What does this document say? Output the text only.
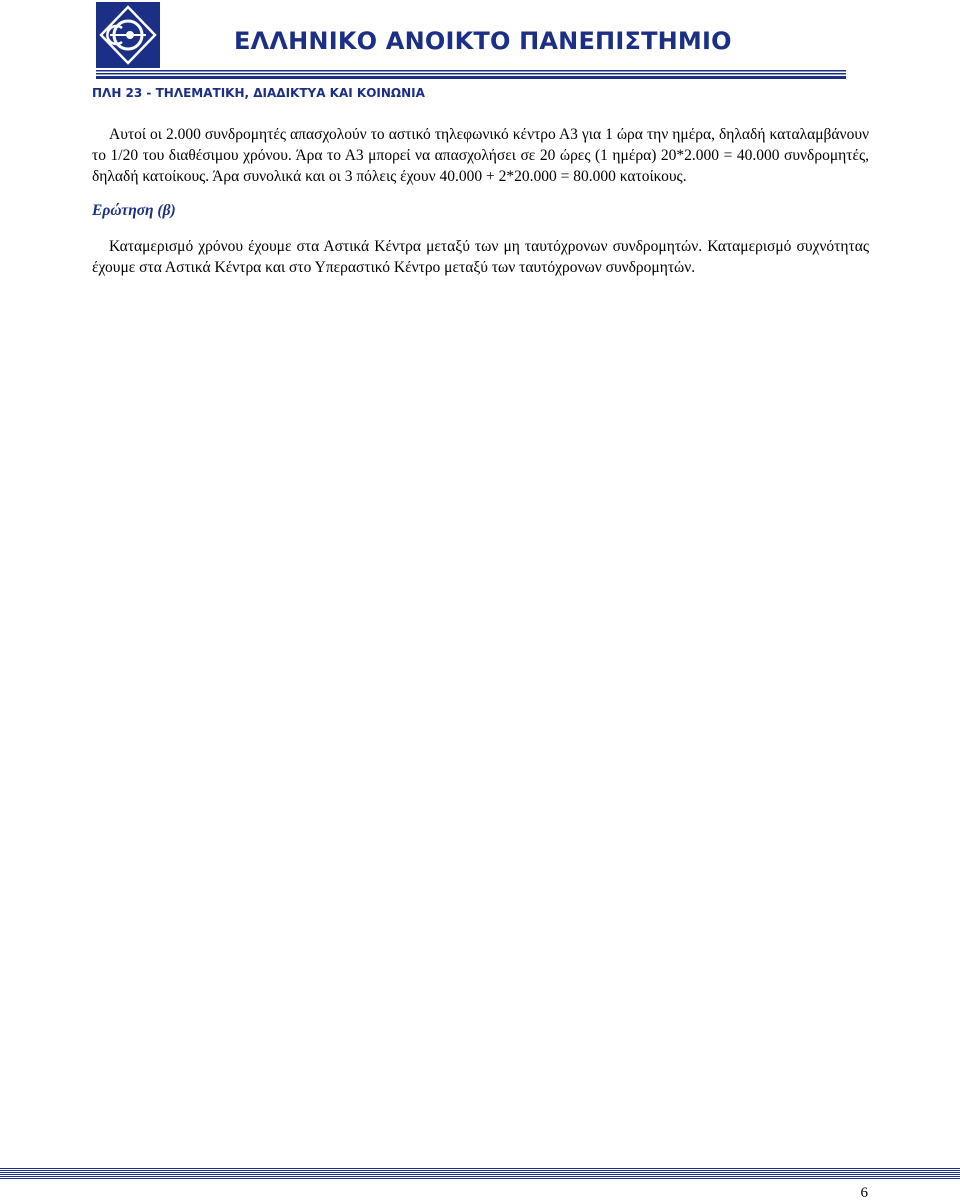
ΕΛΛΗΝΙΚΟ ΑΝΟΙΚΤΟ ΠΑΝΕΠΙΣΤΗΜΙΟ
ΠΛΗ 23 - ΤΗΛΕΜΑΤΙΚΗ, ΔΙΑΔΙΚΤΥΑ ΚΑΙ ΚΟΙΝΩΝΙΑ

Αυτοί οι 2.000 συνδρομητές απασχολούν το αστικό τηλεφωνικό κέντρο Α3 για 1 ώρα την ημέρα, δηλαδή καταλαμβάνουν το 1/20 του διαθέσιμου χρόνου. Άρα το Α3 μπορεί να απασχολήσει σε 20 ώρες (1 ημέρα) 20*2.000 = 40.000 συνδρομητές, δηλαδή κατοίκους. Άρα συνολικά και οι 3 πόλεις έχουν 40.000 + 2*20.000 = 80.000 κατοίκους.

Ερώτηση (β)

Καταμερισμό χρόνου έχουμε στα Αστικά Κέντρα μεταξύ των μη ταυτόχρονων συνδρομητών. Καταμερισμό συχνότητας έχουμε στα Αστικά Κέντρα και στο Υπεραστικό Κέντρο μεταξύ των ταυτόχρονων συνδρομητών.

6
